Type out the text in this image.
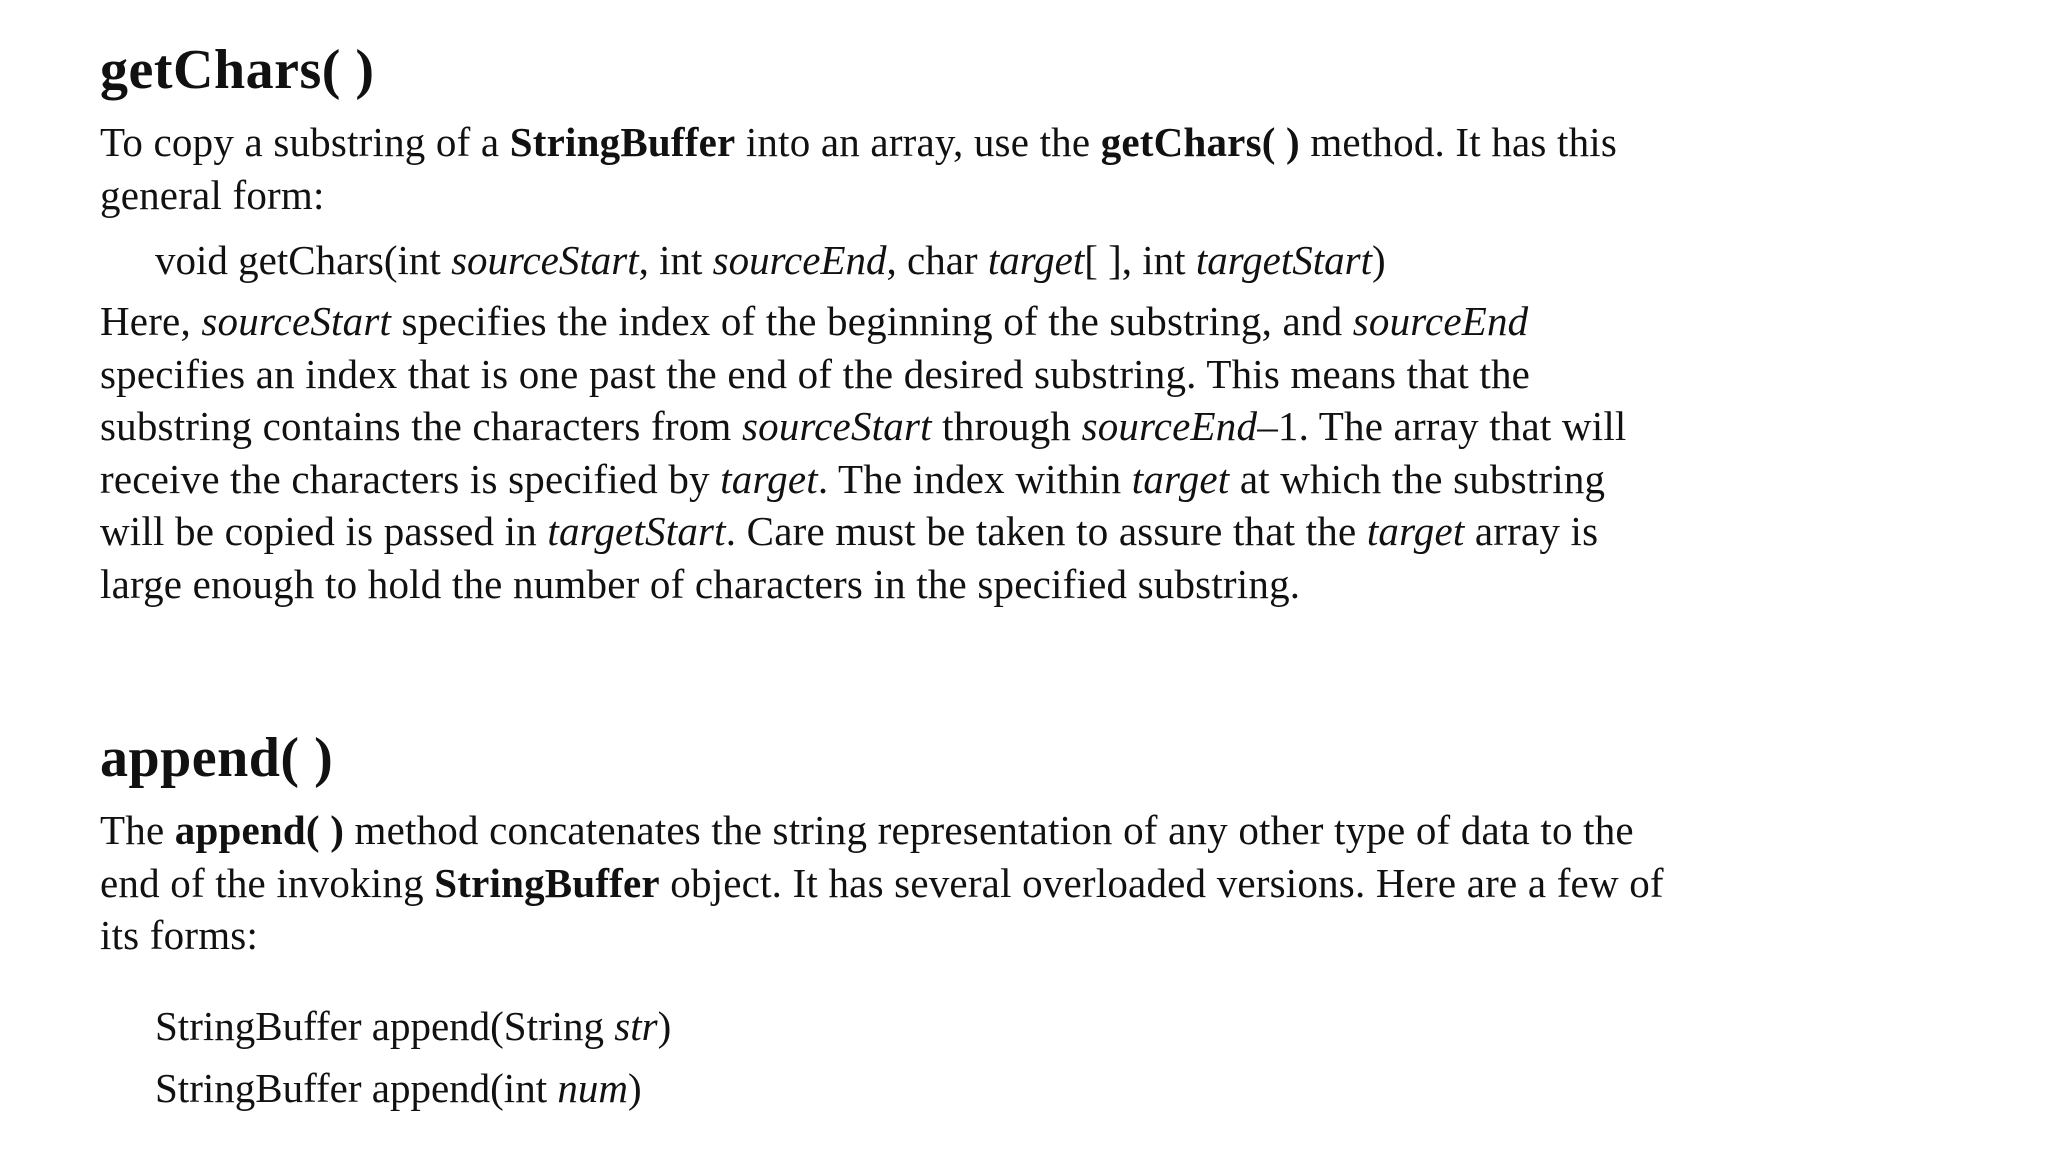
getChars( )

To copy a substring of a StringBuffer into an array, use the getChars( ) method. It has this general form:

void getChars(int sourceStart, int sourceEnd, char target[ ], int targetStart)

Here, sourceStart specifies the index of the beginning of the substring, and sourceEnd specifies an index that is one past the end of the desired substring. This means that the substring contains the characters from sourceStart through sourceEnd–1. The array that will receive the characters is specified by target. The index within target at which the substring will be copied is passed in targetStart. Care must be taken to assure that the target array is large enough to hold the number of characters in the specified substring.

append( )

The append( ) method concatenates the string representation of any other type of data to the end of the invoking StringBuffer object. It has several overloaded versions. Here are a few of its forms:

StringBuffer append(String str)
StringBuffer append(int num)
